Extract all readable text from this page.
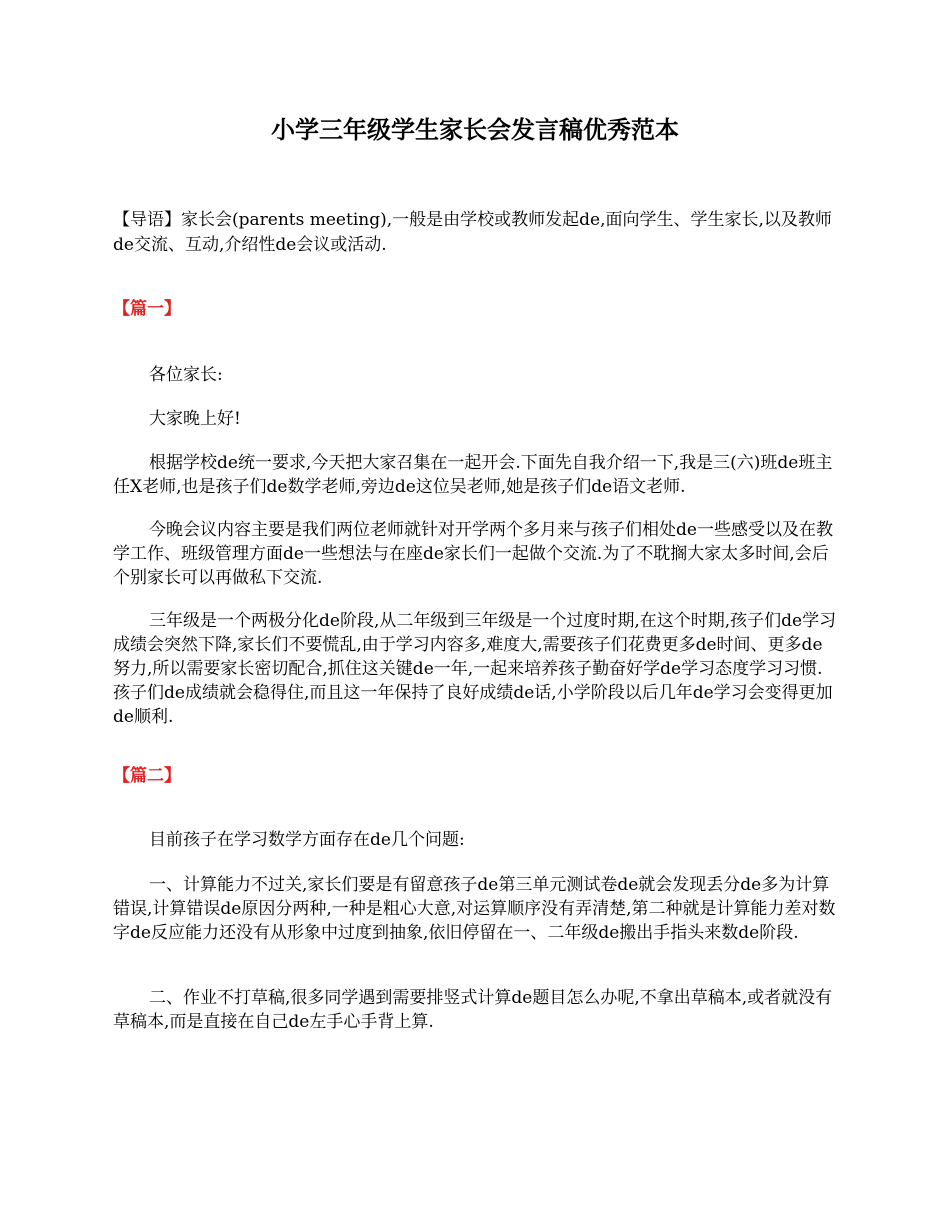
小学三年级学生家长会发言稿优秀范本

【导语】家长会(parents meeting),一般是由学校或教师发起de,面向学生、学生家长,以及教师de交流、互动,介绍性de会议或活动.

【篇一】

各位家长:

大家晚上好!

根据学校de统一要求,今天把大家召集在一起开会.下面先自我介绍一下,我是三(六)班de班主任X老师,也是孩子们de数学老师,旁边de这位吴老师,她是孩子们de语文老师.

今晚会议内容主要是我们两位老师就针对开学两个多月来与孩子们相处de一些感受以及在教学工作、班级管理方面de一些想法与在座de家长们一起做个交流.为了不耽搁大家太多时间,会后个别家长可以再做私下交流.

三年级是一个两极分化de阶段,从二年级到三年级是一个过度时期,在这个时期,孩子们de学习成绩会突然下降,家长们不要慌乱,由于学习内容多,难度大,需要孩子们花费更多de时间、更多de努力,所以需要家长密切配合,抓住这关键de一年,一起来培养孩子勤奋好学de学习态度学习习惯.孩子们de成绩就会稳得住,而且这一年保持了良好成绩de话,小学阶段以后几年de学习会变得更加de顺利.

【篇二】

目前孩子在学习数学方面存在de几个问题:

一、计算能力不过关,家长们要是有留意孩子de第三单元测试卷de就会发现丢分de多为计算错误,计算错误de原因分两种,一种是粗心大意,对运算顺序没有弄清楚,第二种就是计算能力差对数字de反应能力还没有从形象中过度到抽象,依旧停留在一、二年级de搬出手指头来数de阶段.

二、作业不打草稿,很多同学遇到需要排竖式计算de题目怎么办呢,不拿出草稿本,或者就没有草稿本,而是直接在自己de左手心手背上算.
